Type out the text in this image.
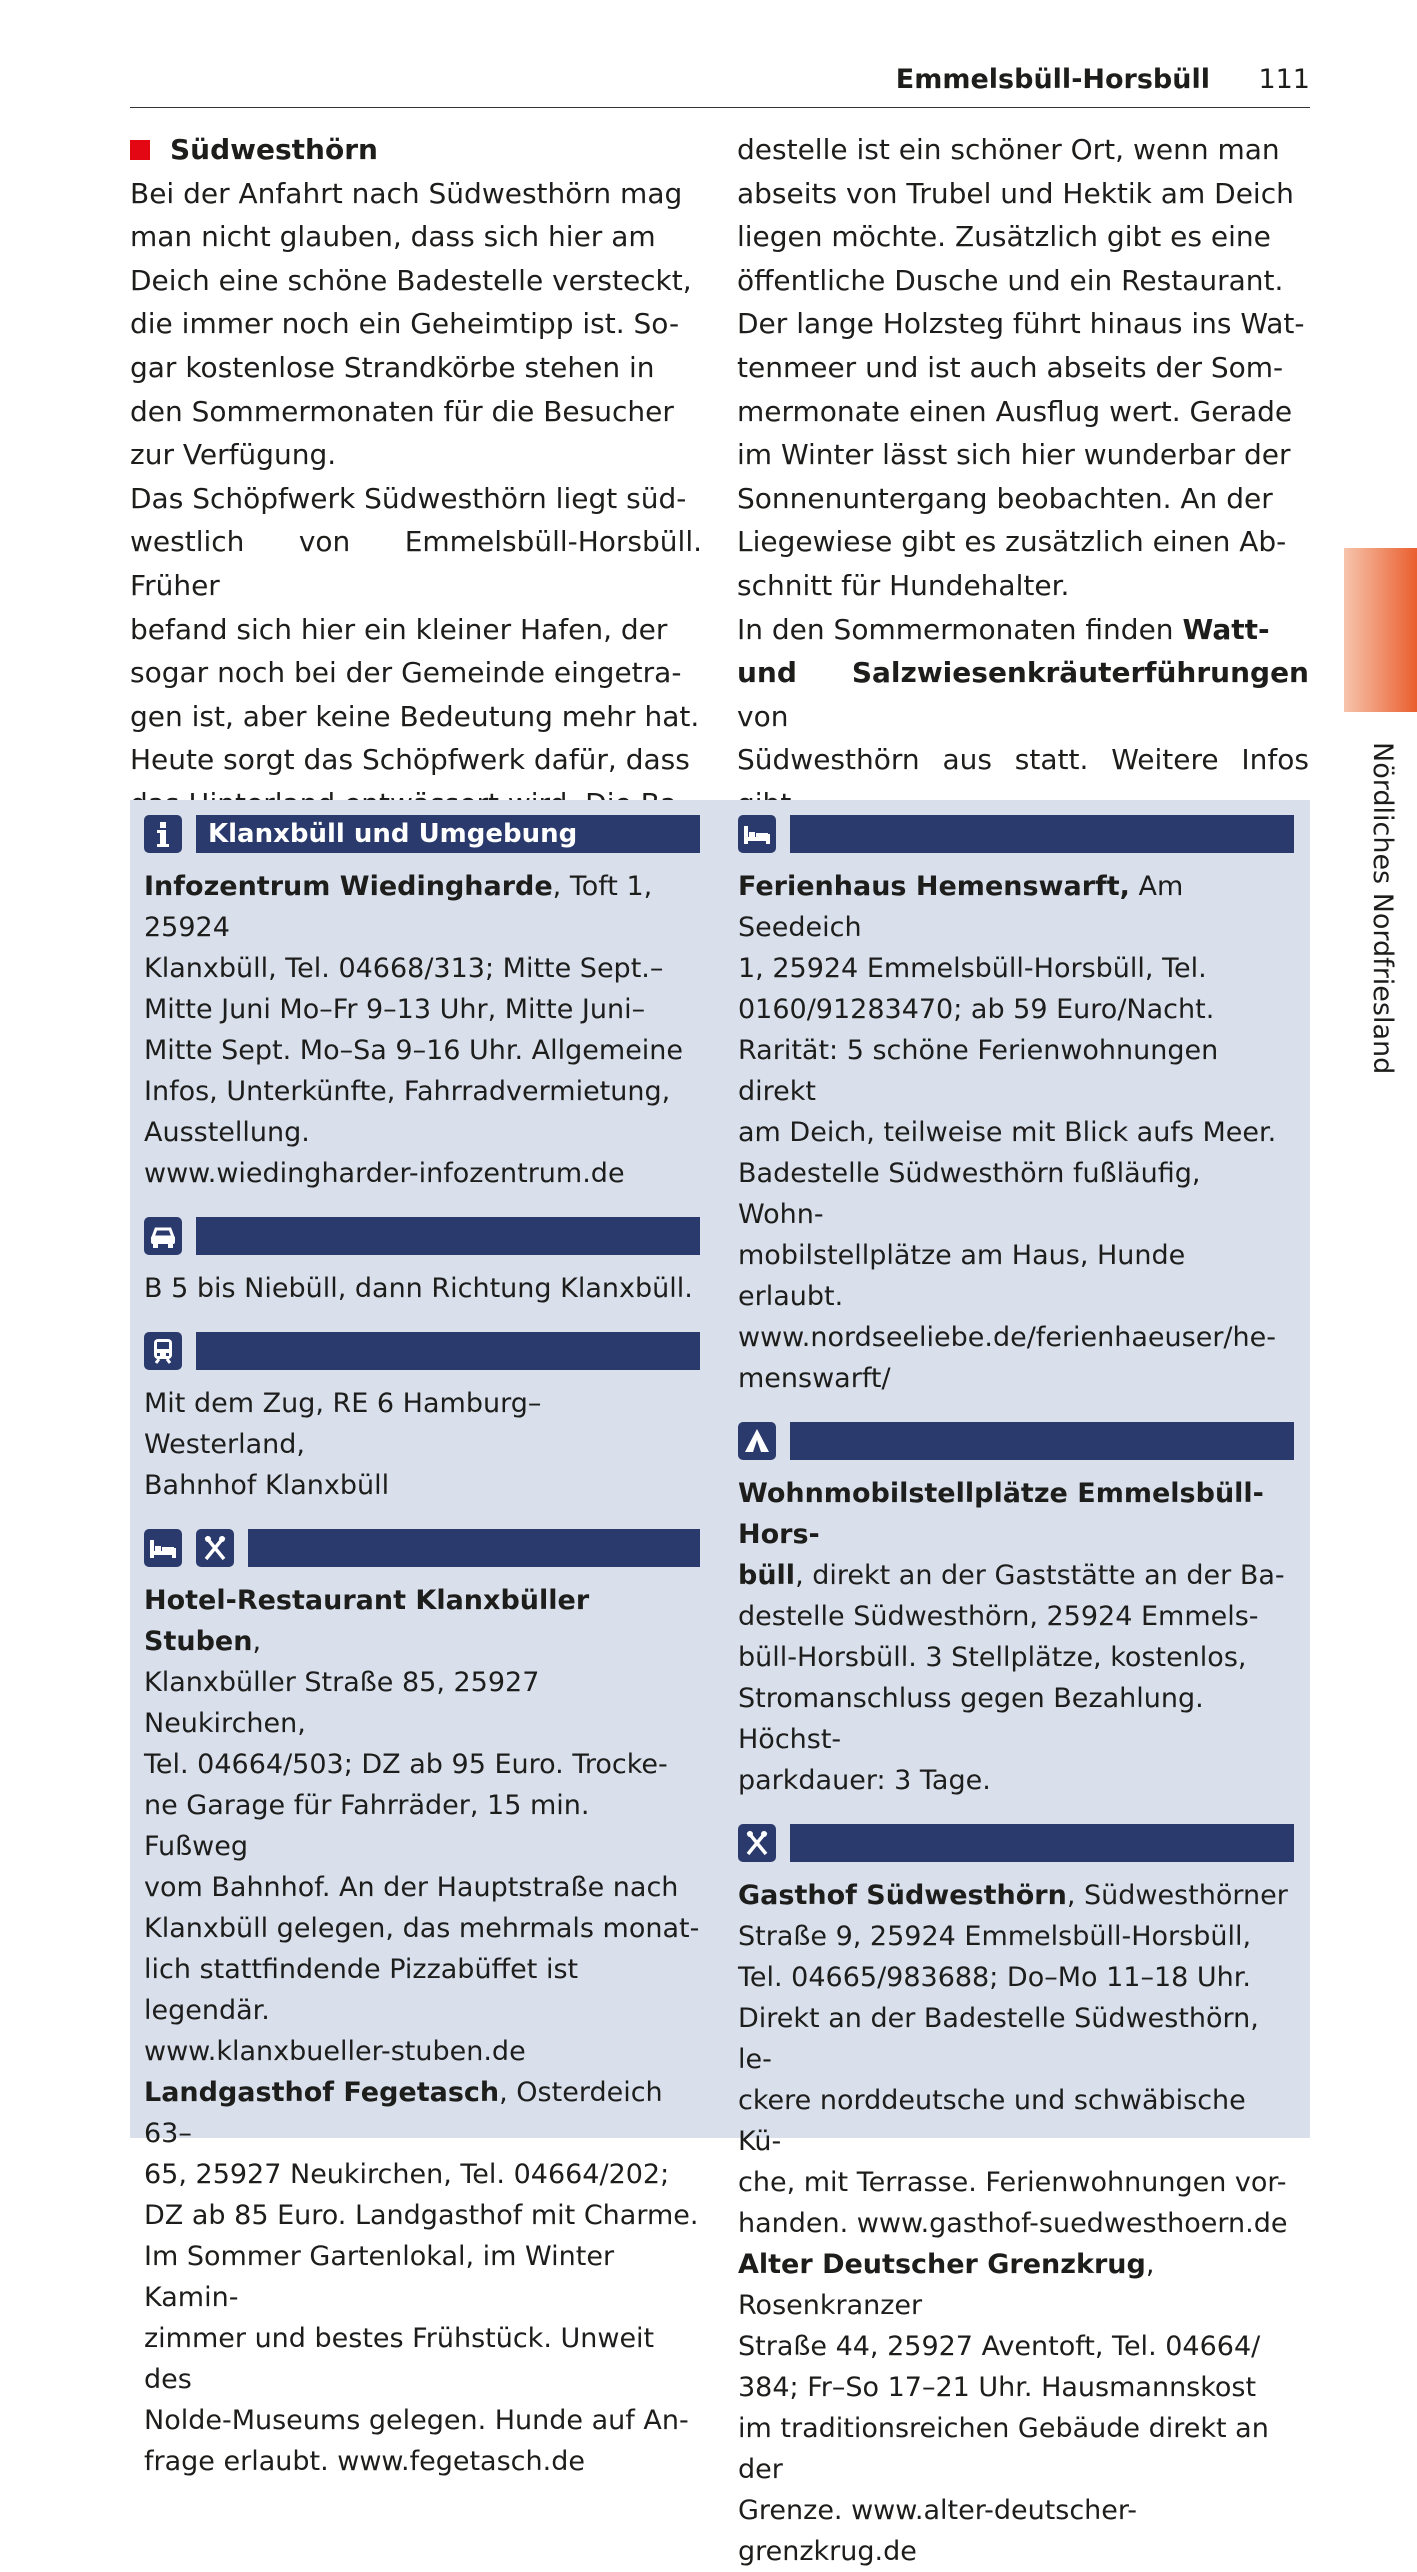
Emmelsbüll-Horsbüll 111
Südwesthörn

Bei der Anfahrt nach Südwesthörn mag

man nicht glauben, dass sich hier am

Deich eine schöne Badestelle versteckt,

die immer noch ein Geheimtipp ist. So-

gar kostenlose Strandkörbe stehen in

den Sommermonaten für die Besucher

zur Verfügung.

Das Schöpfwerk Südwesthörn liegt süd-

westlich von Emmelsbüll-Horsbüll. Früher

befand sich hier ein kleiner Hafen, der

sogar noch bei der Gemeinde eingetra-

gen ist, aber keine Bedeutung mehr hat.

Heute sorgt das Schöpfwerk dafür, dass

destelle ist ein schöner Ort, wenn man

abseits von Trubel und Hektik am Deich

liegen möchte. Zusätzlich gibt es eine

öffentliche Dusche und ein Restaurant.

Der lange Holzsteg führt hinaus ins Wat-

tenmeer und ist auch abseits der Som-

mermonate einen Ausflug wert. Gerade

im Winter lässt sich hier wunderbar der

Sonnenuntergang beobachten. An der

Liegewiese gibt es zusätzlich einen Ab-

schnitt für Hundehalter.

In den Sommermonaten finden Watt-

und Salzwiesenkräuterführungen von

Südwesthörn aus statt. Weitere Infos Nördliches Nordfriesland
Klanxbüll und Umgebung

Infozentrum Wiedingharde, Toft 1, 25924

Klanxbüll, Tel. 04668/313; Mitte Sept.–

Mitte Juni Mo–Fr 9–13 Uhr, Mitte Juni–

Mitte Sept. Mo–Sa 9–16 Uhr. Allgemeine

Infos, Unterkünfte, Fahrradvermietung,

Ausstellung.

www.wiedingharder-infozentrum.de

B 5 bis Niebüll, dann Richtung Klanxbüll.

Mit dem Zug, RE 6 Hamburg–Westerland,

Bahnhof Klanxbüll

Hotel-Restaurant Klanxbüller Stuben,

Klanxbüller Straße 85, 25927 Neukirchen,

Tel. 04664/503; DZ ab 95 Euro. Trocke-

ne Garage für Fahrräder, 15 min. Fußweg

vom Bahnhof. An der Hauptstraße nach

Klanxbüll gelegen, das mehrmals monat-

lich stattfindende Pizzabüffet ist legendär.

www.klanxbueller-stuben.de

Landgasthof Fegetasch, Osterdeich 63–

65, 25927 Neukirchen, Tel. 04664/202;

DZ ab 85 Euro. Landgasthof mit Charme.

Im Sommer Gartenlokal, im Winter Kamin-

zimmer und bestes Frühstück. Unweit des

Nolde-Museums gelegen. Hunde auf An-

frage erlaubt. www.fegetasch.de

Ferienhaus Hemenswarft, Am Seedeich

1, 25924 Emmelsbüll-Horsbüll, Tel.

0160/91283470; ab 59 Euro/Nacht.

Rarität: 5 schöne Ferienwohnungen direkt

am Deich, teilweise mit Blick aufs Meer.

Badestelle Südwesthörn fußläufig, Wohn-

mobilstellplätze am Haus, Hunde erlaubt.

www.nordseeliebe.de/ferienhaeuser/he-

menswarft/

Wohnmobilstellplätze Emmelsbüll-Hors-

büll, direkt an der Gaststätte an der Ba-

destelle Südwesthörn, 25924 Emmels-

büll-Horsbüll. 3 Stellplätze, kostenlos,

Stromanschluss gegen Bezahlung. Höchst-

parkdauer: 3 Tage.

Gasthof Südwesthörn, Südwesthörner

Straße 9, 25924 Emmelsbüll-Horsbüll,

Tel. 04665/983688; Do–Mo 11–18 Uhr.

Direkt an der Badestelle Südwesthörn, le-

ckere norddeutsche und schwäbische Kü-

che, mit Terrasse. Ferienwohnungen vor-

handen. www.gasthof-suedwesthoern.de

Alter Deutscher Grenzkrug, Rosenkranzer

Straße 44, 25927 Aventoft, Tel. 04664/

384; Fr–So 17–21 Uhr. Hausmannskost

im traditionsreichen Gebäude direkt an der

Grenze. www.alter-deutscher-grenzkrug.de
